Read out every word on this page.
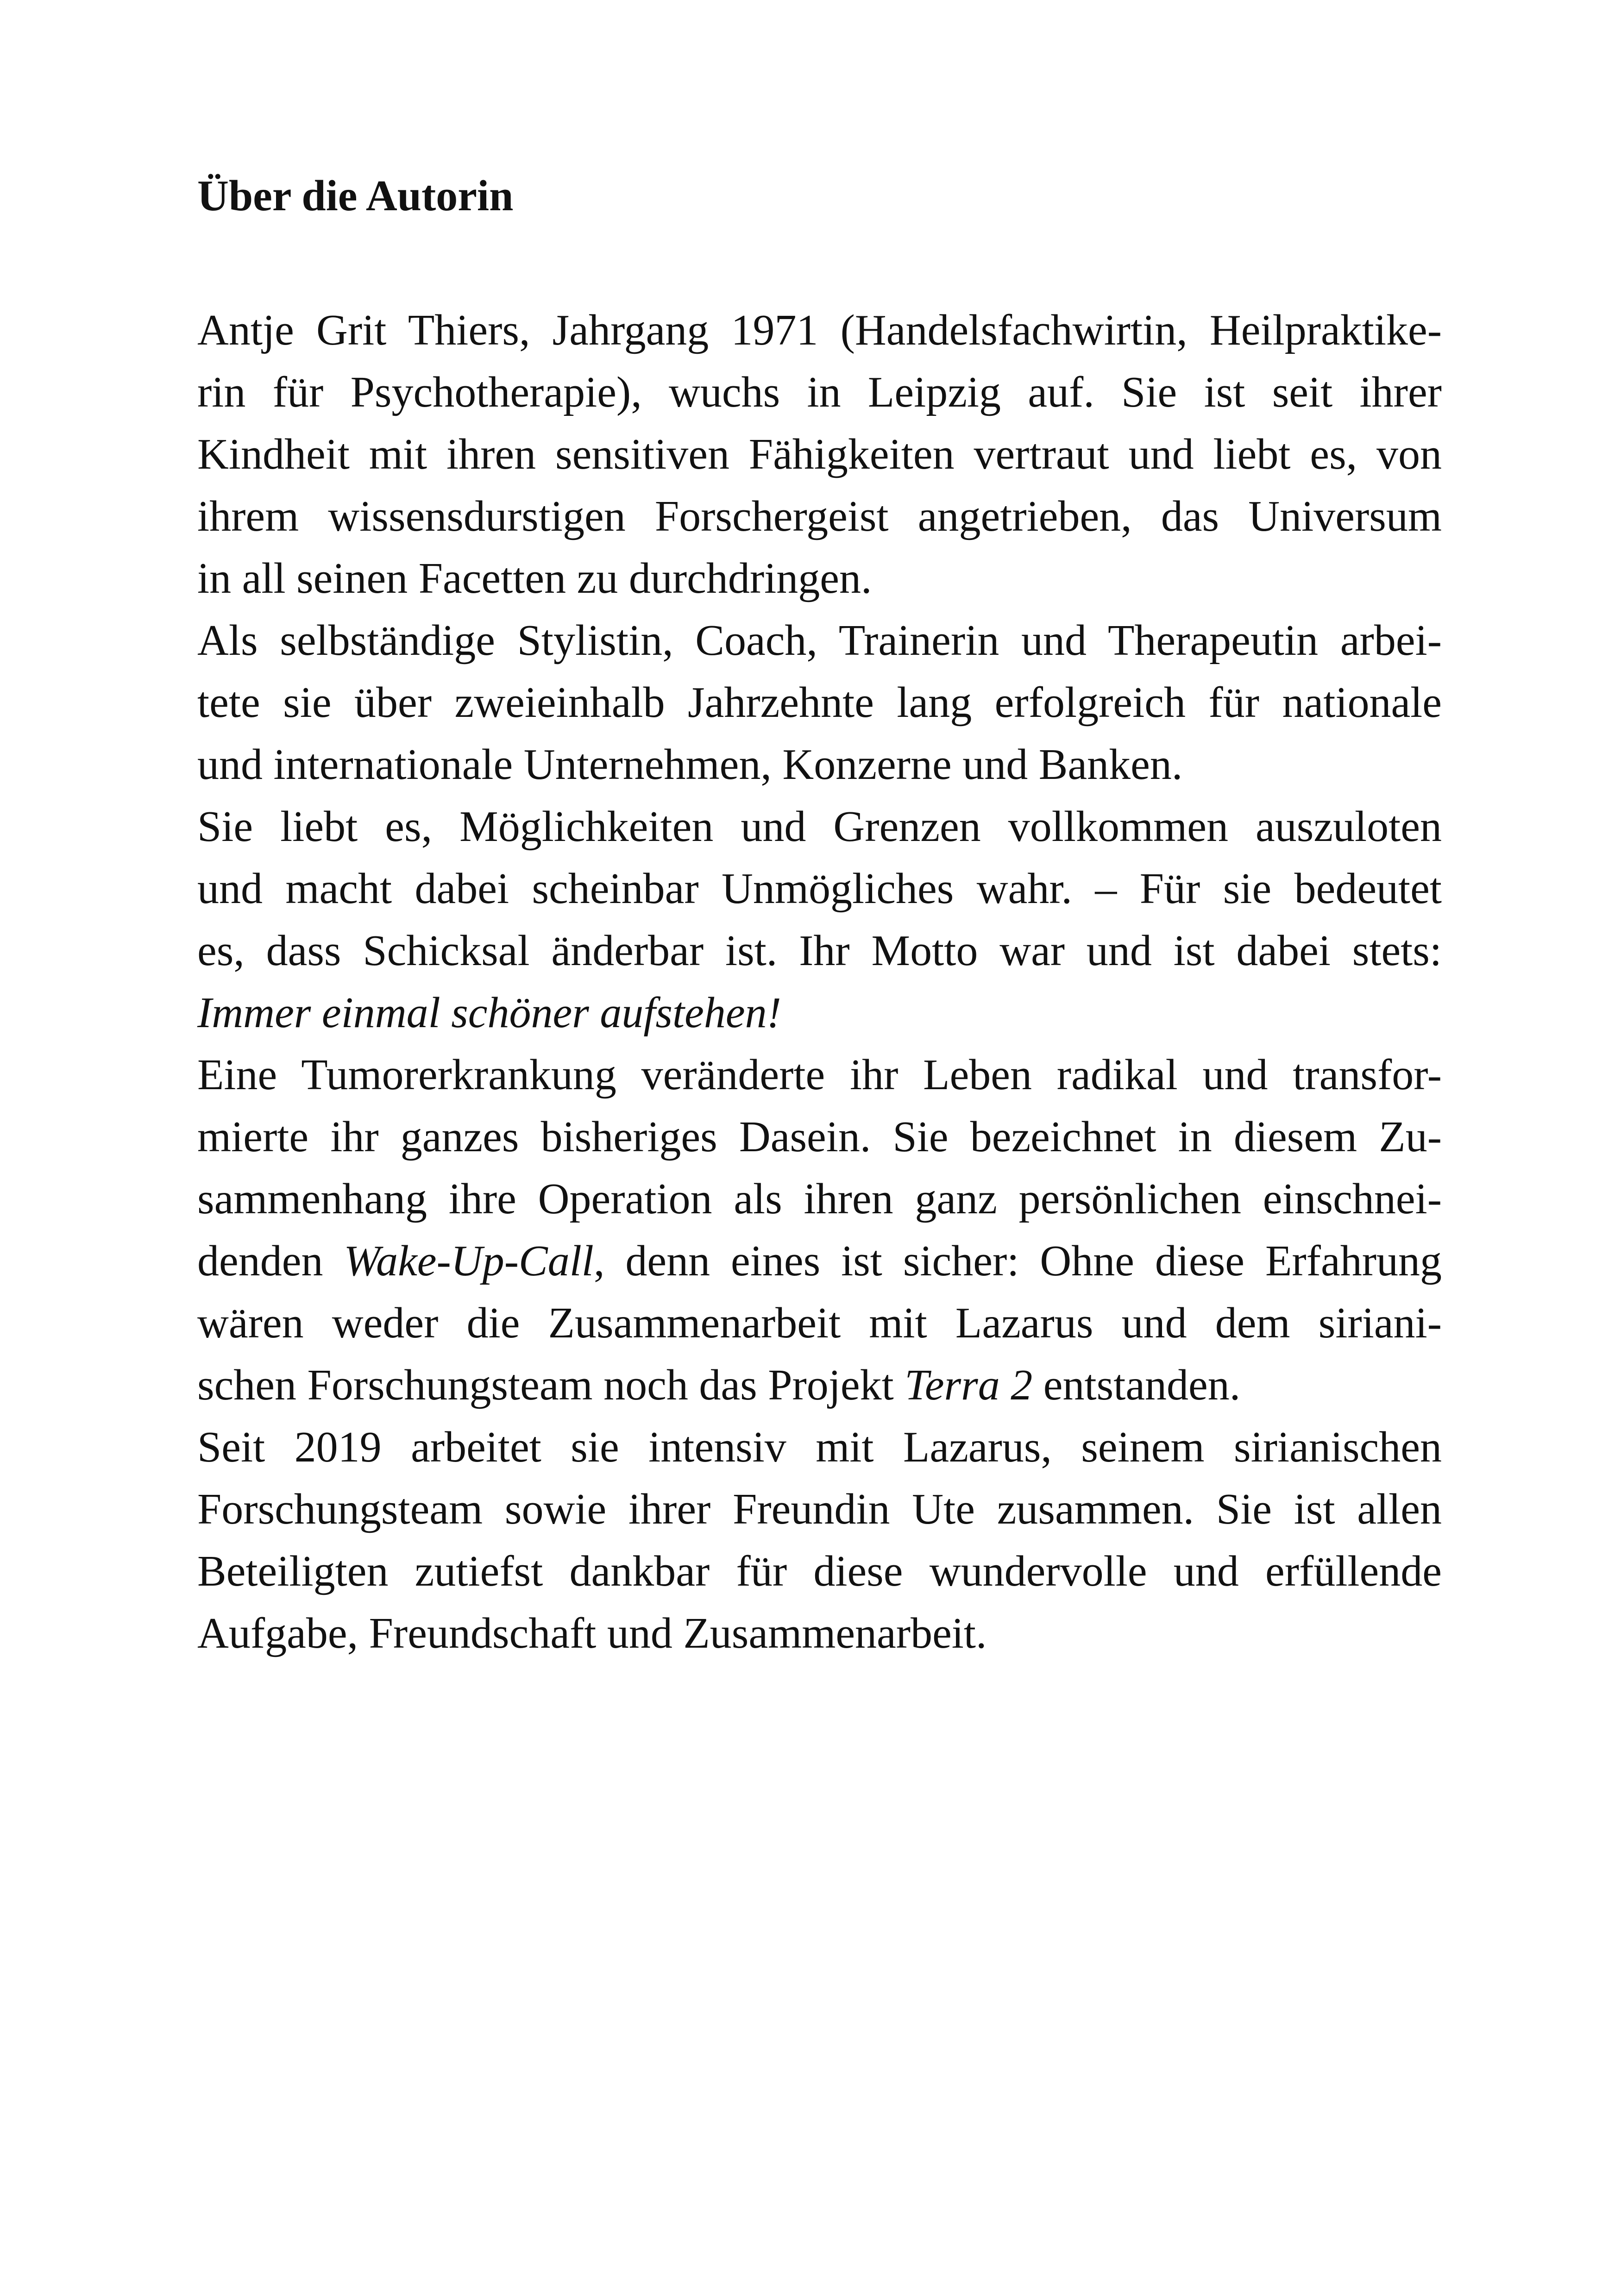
Über die Autorin
Antje Grit Thiers, Jahrgang 1971 (Handelsfachwirtin, Heilpraktike-
rin für Psychotherapie), wuchs in Leipzig auf. Sie ist seit ihrer
Kindheit mit ihren sensitiven Fähigkeiten vertraut und liebt es, von
ihrem wissensdurstigen Forschergeist angetrieben, das Universum
in all seinen Facetten zu durchdringen.
Als selbständige Stylistin, Coach, Trainerin und Therapeutin arbei-
tete sie über zweieinhalb Jahrzehnte lang erfolgreich für nationale
und internationale Unternehmen, Konzerne und Banken.
Sie liebt es, Möglichkeiten und Grenzen vollkommen auszuloten
und macht dabei scheinbar Unmögliches wahr. – Für sie bedeutet
es, dass Schicksal änderbar ist. Ihr Motto war und ist dabei stets:
Immer einmal schöner aufstehen!
Eine Tumorerkrankung veränderte ihr Leben radikal und transfor-
mierte ihr ganzes bisheriges Dasein. Sie bezeichnet in diesem Zu-
sammenhang ihre Operation als ihren ganz persönlichen einschnei-
denden Wake-Up-Call, denn eines ist sicher: Ohne diese Erfahrung
wären weder die Zusammenarbeit mit Lazarus und dem siriani-
schen Forschungsteam noch das Projekt Terra 2 entstanden.
Seit 2019 arbeitet sie intensiv mit Lazarus, seinem sirianischen
Forschungsteam sowie ihrer Freundin Ute zusammen. Sie ist allen
Beteiligten zutiefst dankbar für diese wundervolle und erfüllende
Aufgabe, Freundschaft und Zusammenarbeit.
